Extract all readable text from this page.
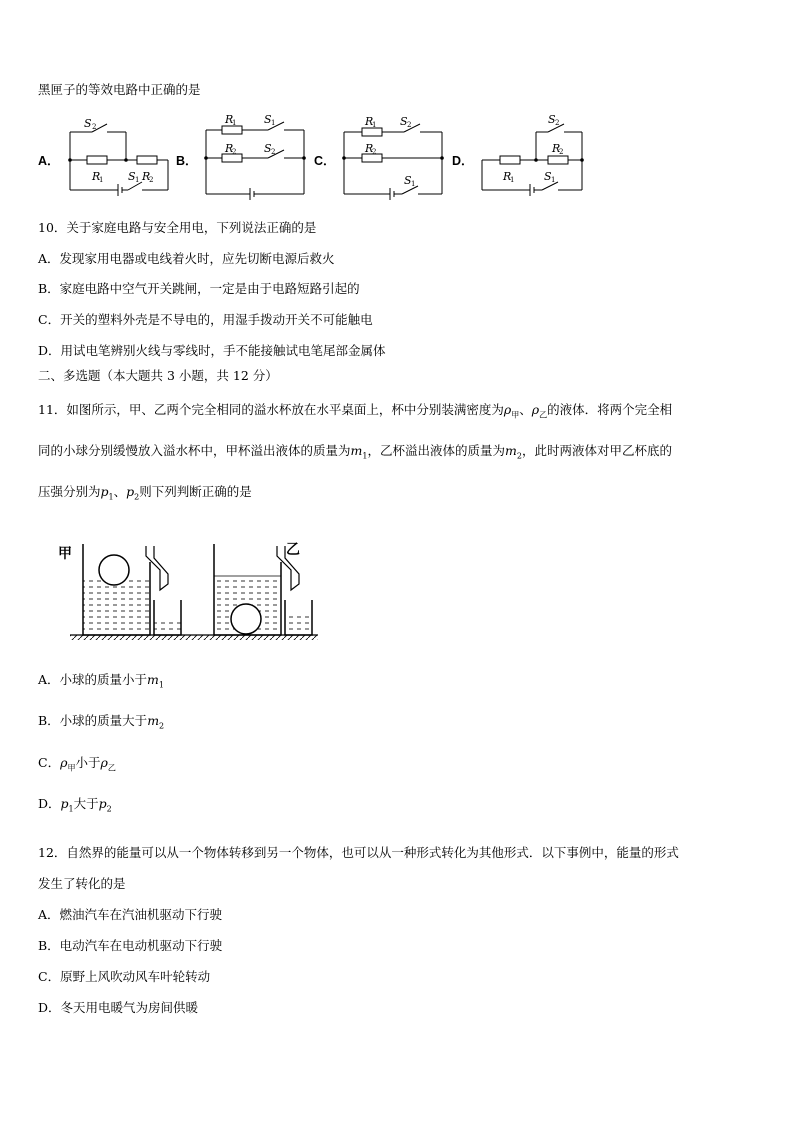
黑匣子的等效电路中正确的是
A．	B．	C．	D．
S 2
R
1	R
2
S 1
R
1	S 1
R
2	S 2
R
1 S 2
R
2
S 1
S 2
R
1
R
2
S 1
10．关于家庭电路与安全用电，下列说法正确的是
A．发现家用电器或电线着火时，应先切断电源后救火
B．家庭电路中空气开关跳闸，一定是由于电路短路引起的
C．开关的塑料外壳是不导电的，用湿手拨动开关不可能触电
D．用试电笔辨别火线与零线时，手不能接触试电笔尾部金属体
二、多选题（本大题共 3 小题，共 12 分）
11．如图所示，甲、乙两个完全相同的溢水杯放在水平桌面上，杯中分别装满密度为$\rho_甲$、$\rho_乙$的液体．将两个完全相
同的小球分别缓慢放入溢水杯中，甲杯溢出液体的质量为$m_1$，乙杯溢出液体的质量为$m_2$，此时两液体对甲乙杯底的
压强分别为$p_1$、$p_2$则下列判断正确的是
甲	乙
A．小球的质量小于$m_1$
B．小球的质量大于$m_2$
C．$\rho_甲$小于$\rho_乙$
D．$p_1$大于$p_2$
12．自然界的能量可以从一个物体转移到另一个物体，也可以从一种形式转化为其他形式．以下事例中，能量的形式
发生了转化的是
A．燃油汽车在汽油机驱动下行驶
B．电动汽车在电动机驱动下行驶
C．原野上风吹动风车叶轮转动
D．冬天用电暖气为房间供暖
